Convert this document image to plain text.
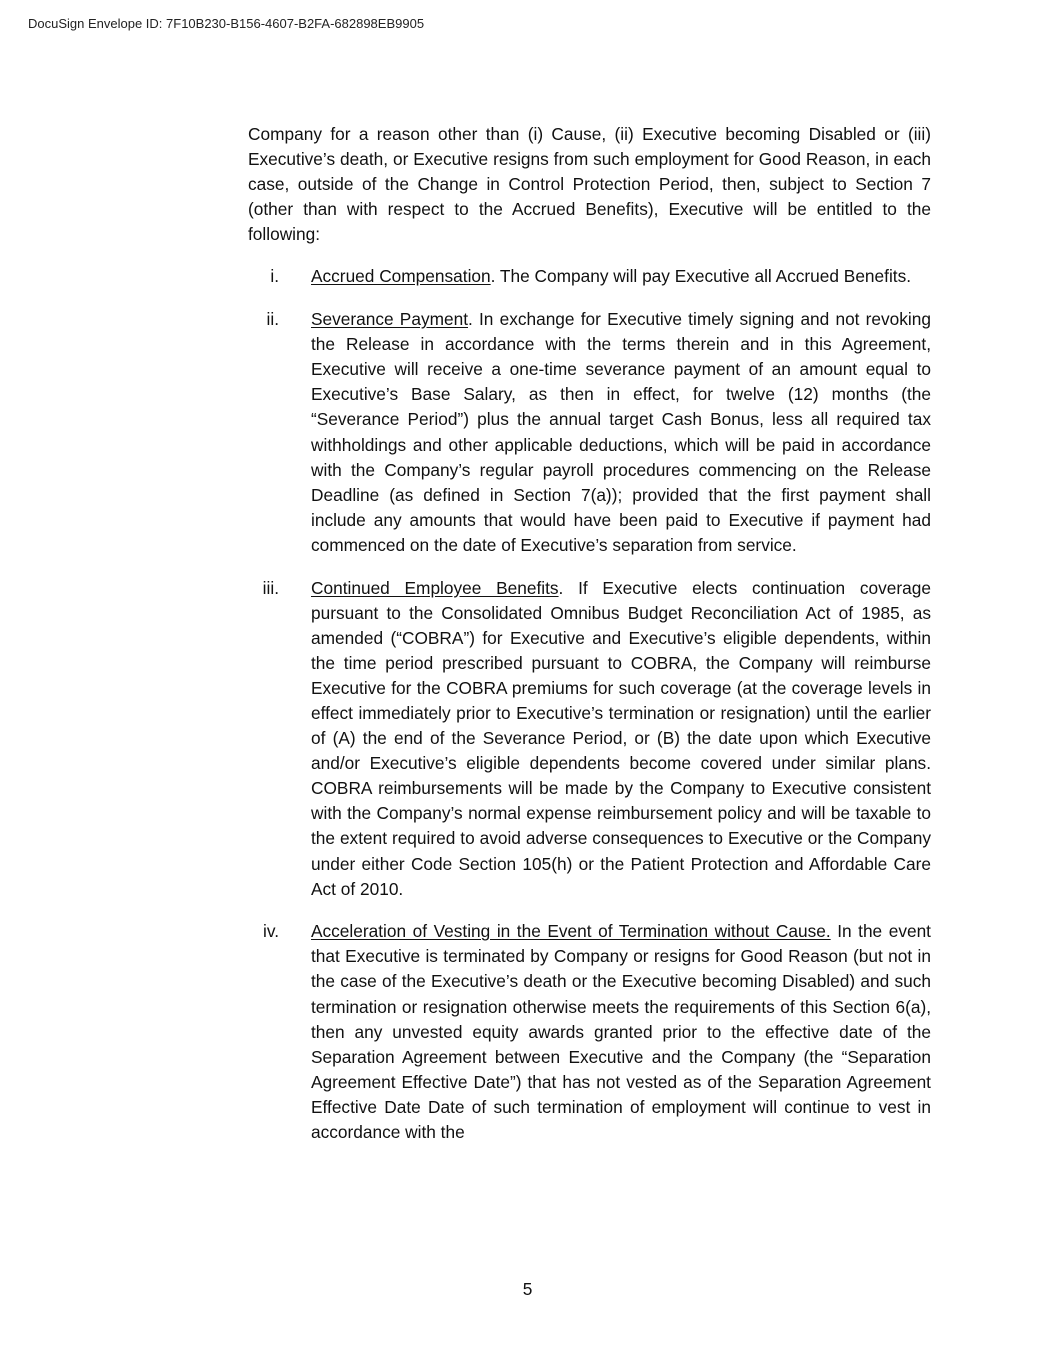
DocuSign Envelope ID: 7F10B230-B156-4607-B2FA-682898EB9905

Company for a reason other than (i) Cause, (ii) Executive becoming Disabled or (iii) Executive’s death, or Executive resigns from such employment for Good Reason, in each case, outside of the Change in Control Protection Period, then, subject to Section 7 (other than with respect to the Accrued Benefits), Executive will be entitled to the following:

i. Accrued Compensation. The Company will pay Executive all Accrued Benefits.

ii. Severance Payment. In exchange for Executive timely signing and not revoking the Release in accordance with the terms therein and in this Agreement, Executive will receive a one-time severance payment of an amount equal to Executive’s Base Salary, as then in effect, for twelve (12) months (the “Severance Period”) plus the annual target Cash Bonus, less all required tax withholdings and other applicable deductions, which will be paid in accordance with the Company’s regular payroll procedures commencing on the Release Deadline (as defined in Section 7(a)); provided that the first payment shall include any amounts that would have been paid to Executive if payment had commenced on the date of Executive’s separation from service.

iii. Continued Employee Benefits. If Executive elects continuation coverage pursuant to the Consolidated Omnibus Budget Reconciliation Act of 1985, as amended (“COBRA”) for Executive and Executive’s eligible dependents, within the time period prescribed pursuant to COBRA, the Company will reimburse Executive for the COBRA premiums for such coverage (at the coverage levels in effect immediately prior to Executive’s termination or resignation) until the earlier of (A) the end of the Severance Period, or (B) the date upon which Executive and/or Executive’s eligible dependents become covered under similar plans. COBRA reimbursements will be made by the Company to Executive consistent with the Company’s normal expense reimbursement policy and will be taxable to the extent required to avoid adverse consequences to Executive or the Company under either Code Section 105(h) or the Patient Protection and Affordable Care Act of 2010.

iv. Acceleration of Vesting in the Event of Termination without Cause. In the event that Executive is terminated by Company or resigns for Good Reason (but not in the case of the Executive’s death or the Executive becoming Disabled) and such termination or resignation otherwise meets the requirements of this Section 6(a), then any unvested equity awards granted prior to the effective date of the Separation Agreement between Executive and the Company (the “Separation Agreement Effective Date”) that has not vested as of the Separation Agreement Effective Date Date of such termination of employment will continue to vest in accordance with the

5
